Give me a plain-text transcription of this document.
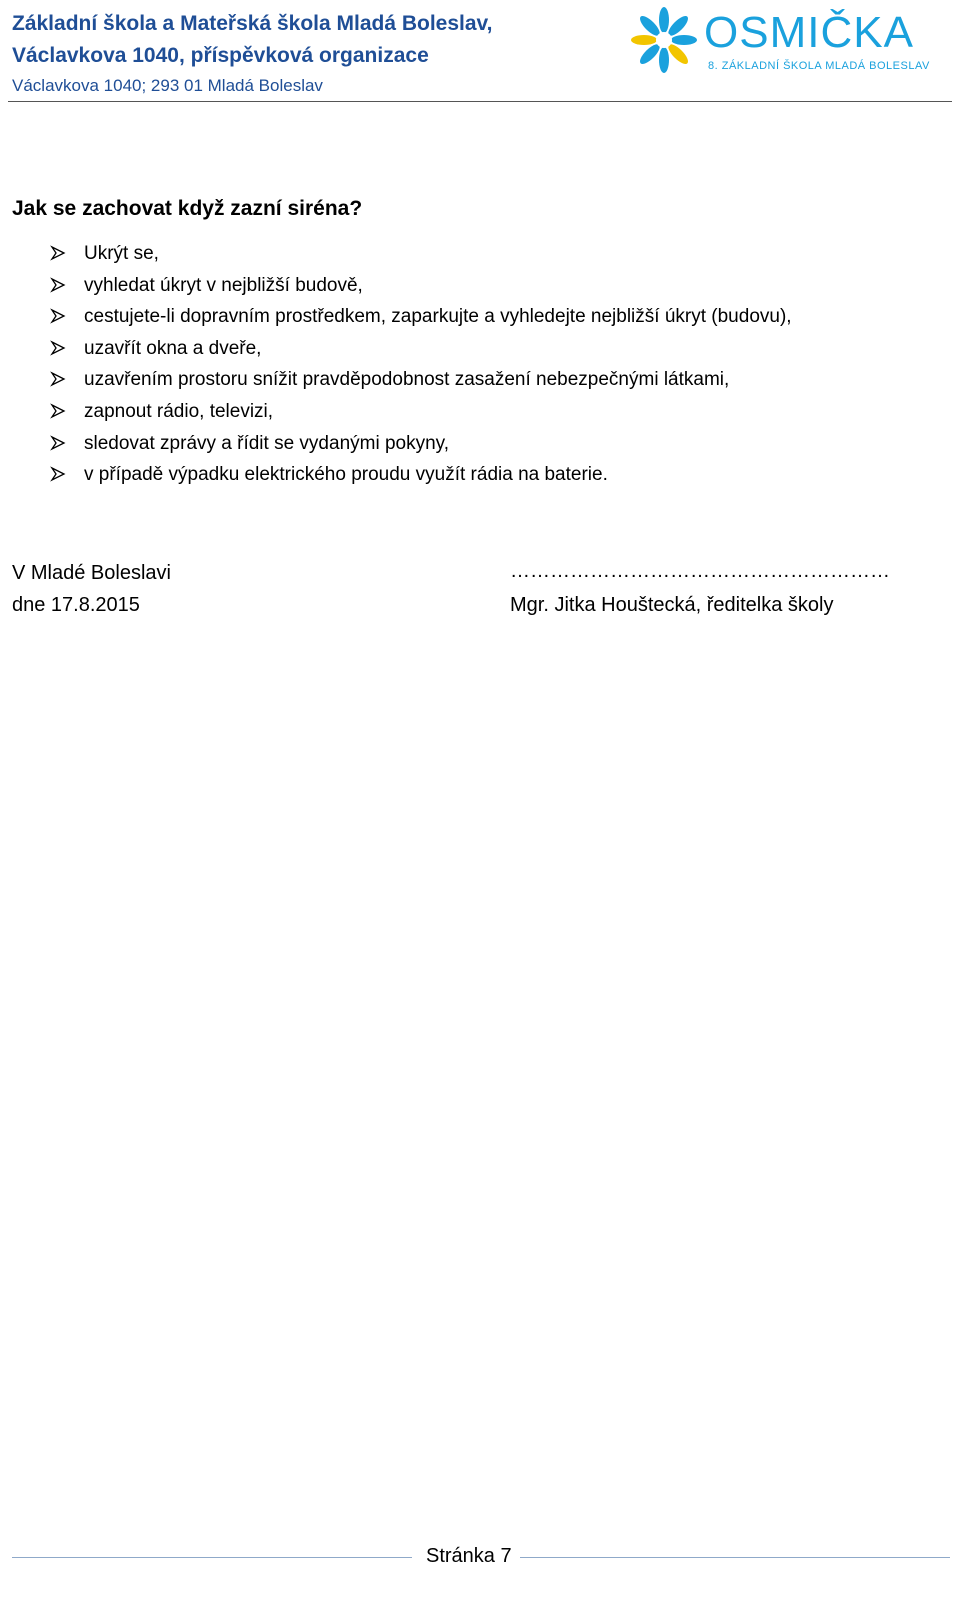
Základní škola a Mateřská škola Mladá Boleslav,
Václavkova 1040, příspěvková organizace
Václavkova 1040; 293 01 Mladá Boleslav
OSMIČKA
8. ZÁKLADNÍ ŠKOLA MLADÁ BOLESLAV
Jak se zachovat když zazní siréna?
Ukrýt se,
vyhledat úkryt v nejbližší budově,
cestujete-li dopravním prostředkem, zaparkujte a vyhledejte nejbližší úkryt (budovu),
uzavřít okna a dveře,
uzavřením prostoru snížit pravděpodobnost zasažení nebezpečnými látkami,
zapnout rádio, televizi,
sledovat zprávy a řídit se vydanými pokyny,
v případě výpadku elektrického proudu využít rádia na baterie.
V Mladé Boleslavi
dne 17.8.2015
…………………………………………………
Mgr. Jitka Houštecká, ředitelka školy
Stránka 7
